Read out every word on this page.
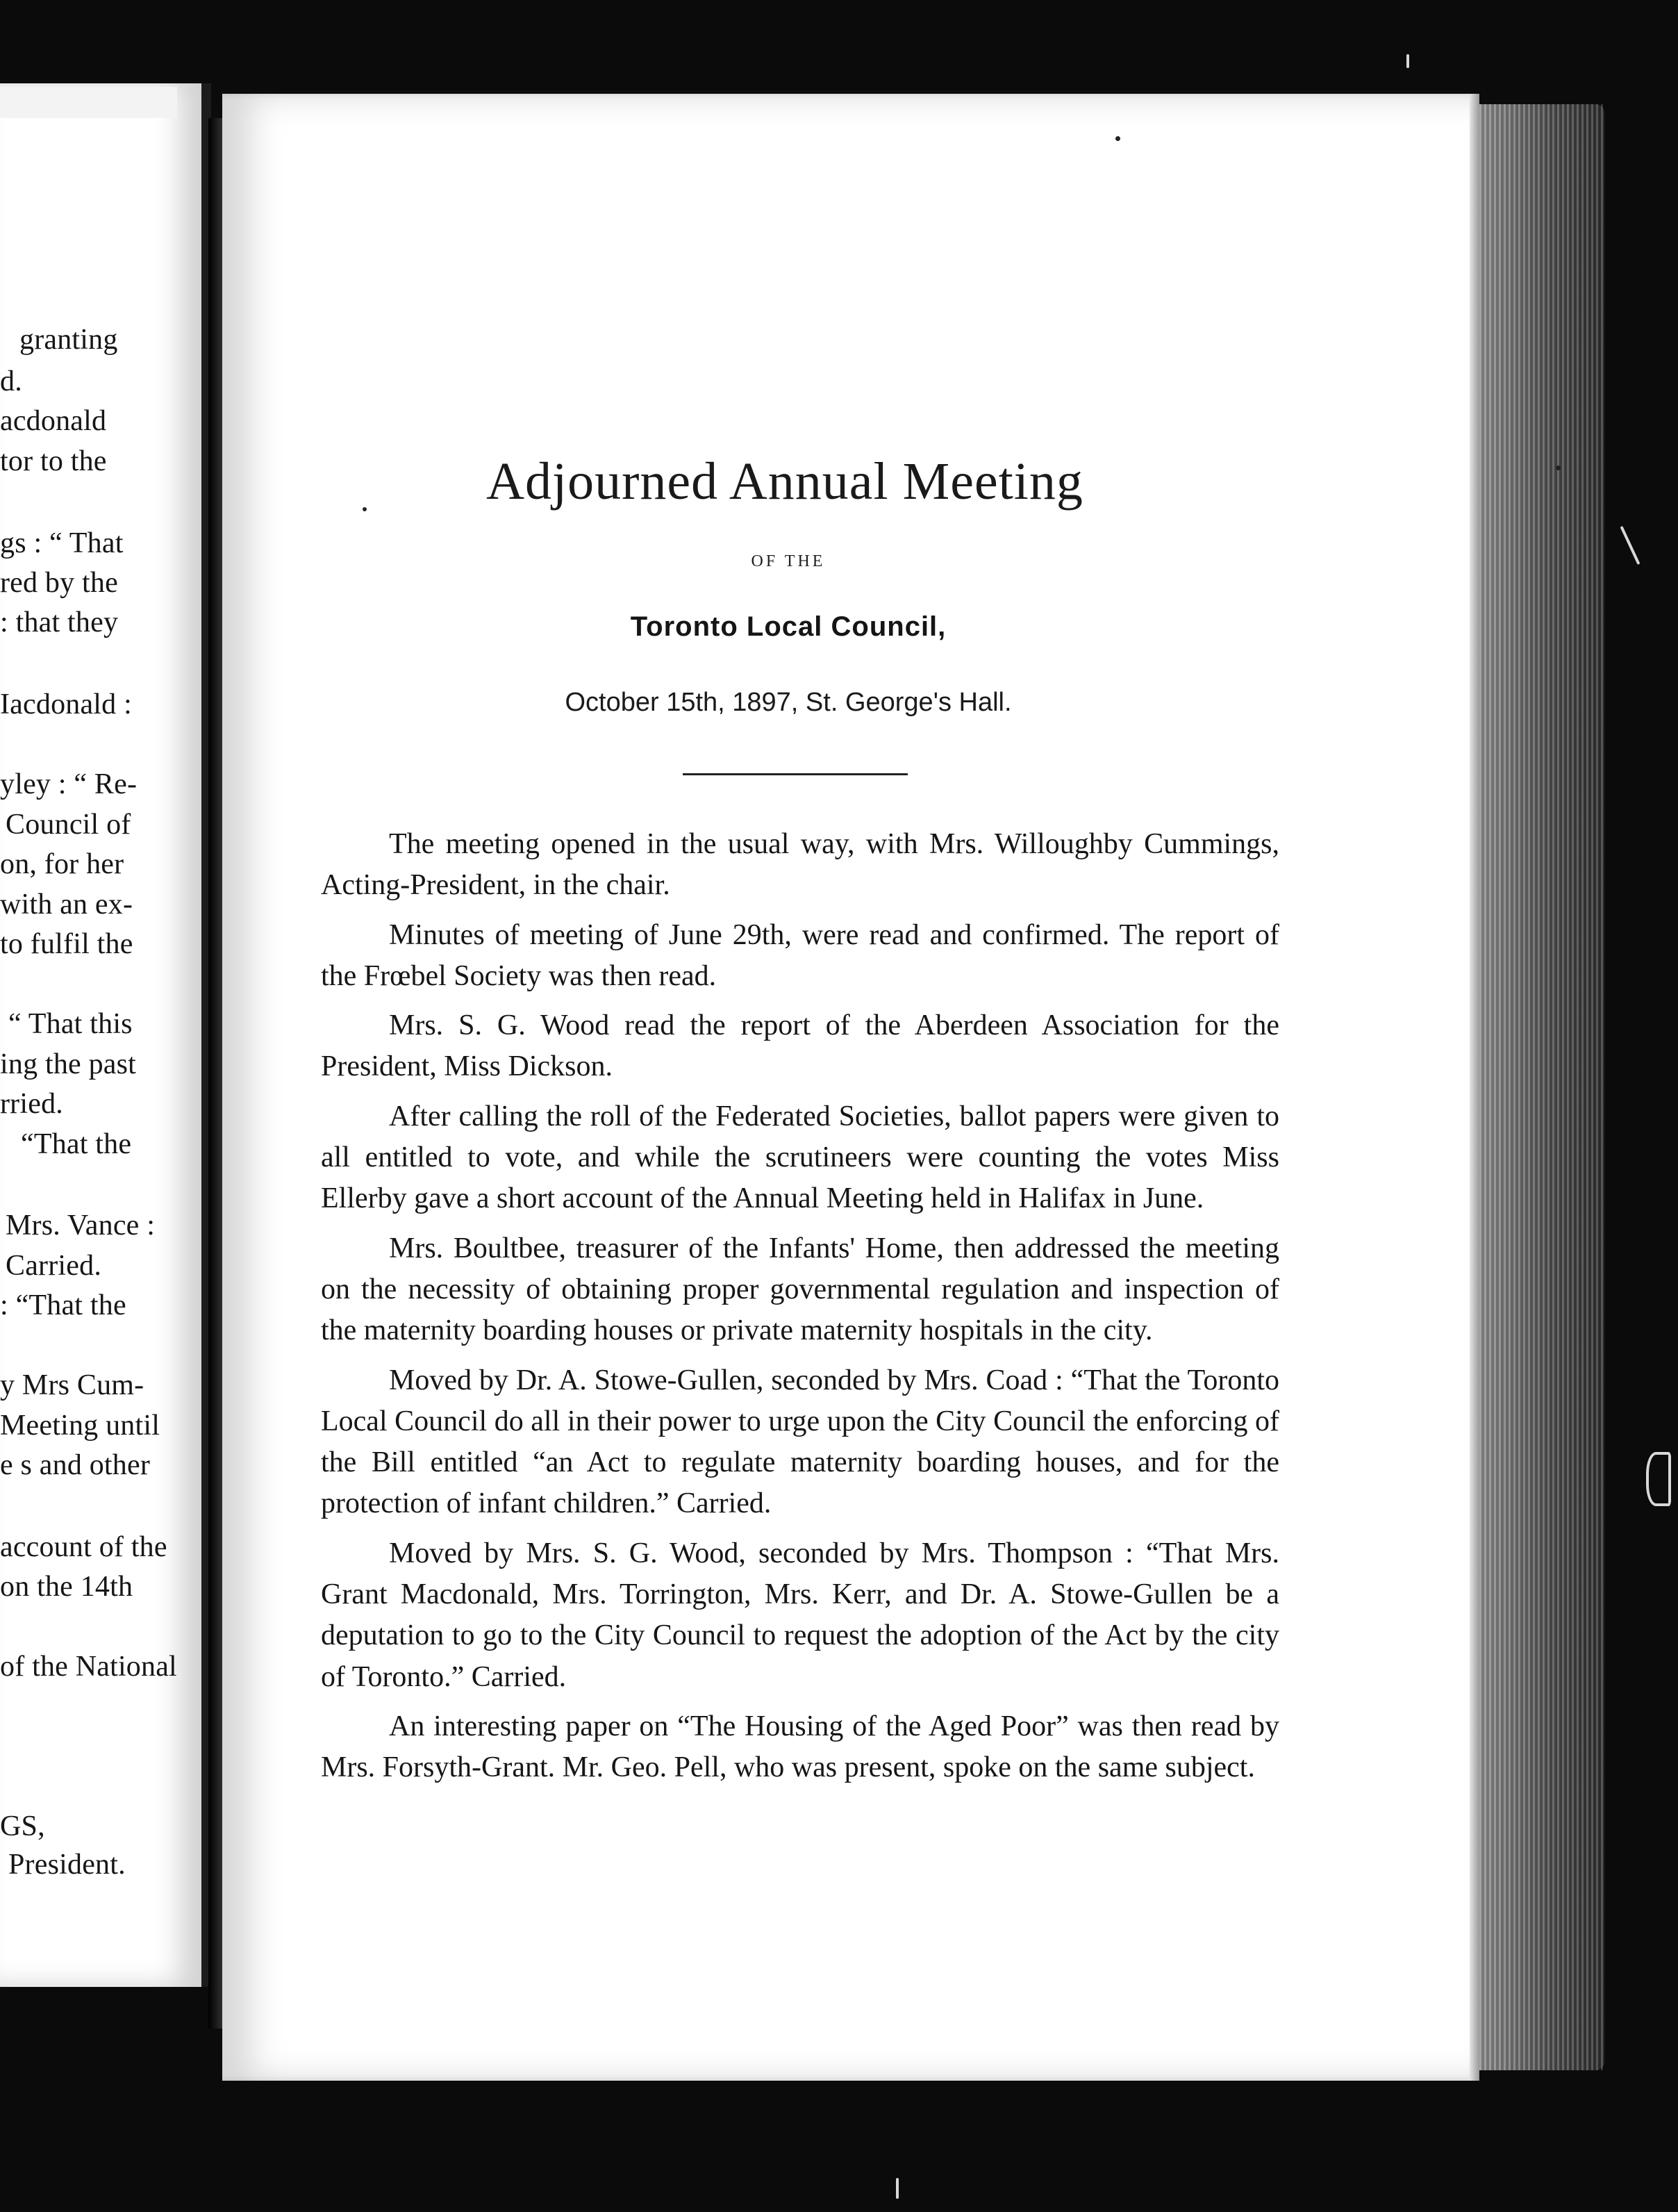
granting
d.
acdonald
tor to the
gs : “ That
red by the
: that they
Iacdonald :
yley : “ Re-
Council of
on, for her
with an ex-
to fulfil the
“ That this
ing the past
rried.
“That the
Mrs. Vance :
Carried.
: “That the
y Mrs Cum-
Meeting until
e s and other
account of the
on the 14th
of the National
GS,
President.
Adjourned Annual Meeting
OF THE
Toronto Local Council,
October 15th, 1897, St. George's Hall.

The meeting opened in the usual way, with Mrs. Willoughby Cummings, Acting-President, in the chair.

Minutes of meeting of June 29th, were read and confirmed. The report of the Frœbel Society was then read.

Mrs. S. G. Wood read the report of the Aberdeen Association for the President, Miss Dickson.

After calling the roll of the Federated Societies, ballot papers were given to all entitled to vote, and while the scrutineers were counting the votes Miss Ellerby gave a short account of the Annual Meeting held in Halifax in June.

Mrs. Boultbee, treasurer of the Infants' Home, then addressed the meeting on the necessity of obtaining proper governmental regulation and inspection of the maternity boarding houses or private maternity hospitals in the city.

Moved by Dr. A. Stowe-Gullen, seconded by Mrs. Coad : “That the Toronto Local Council do all in their power to urge upon the City Council the enforcing of the Bill entitled “an Act to regulate maternity boarding houses, and for the protection of infant children.” Carried.

Moved by Mrs. S. G. Wood, seconded by Mrs. Thompson : “That Mrs. Grant Macdonald, Mrs. Torrington, Mrs. Kerr, and Dr. A. Stowe-Gullen be a deputation to go to the City Council to request the adoption of the Act by the city of Toronto.” Carried.

An interesting paper on “The Housing of the Aged Poor” was then read by Mrs. Forsyth-Grant. Mr. Geo. Pell, who was present, spoke on the same subject.
